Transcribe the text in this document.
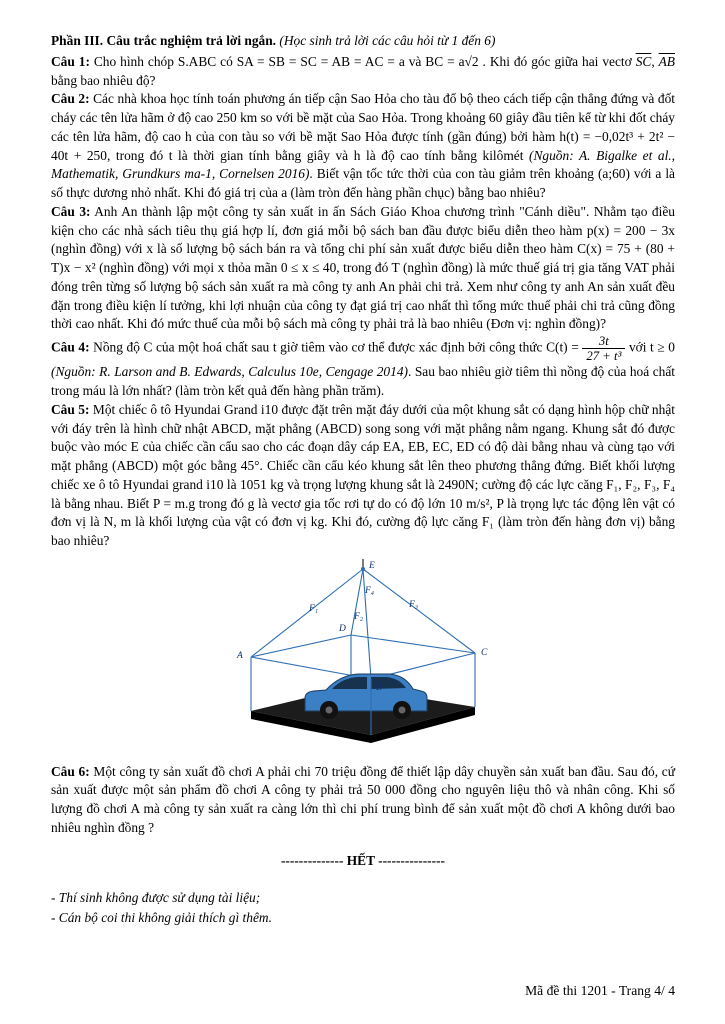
Phần III. Câu trắc nghiệm trả lời ngắn. (Học sinh trả lời các câu hỏi từ 1 đến 6)

Câu 1: Cho hình chóp S.ABC có SA = SB = SC = AB = AC = a và BC = a√2 . Khi đó góc giữa hai vectơ $\overline{SC}$, $\overline{AB}$ bằng bao nhiêu độ?

Câu 2: Các nhà khoa học tính toán phương án tiếp cận Sao Hỏa cho tàu đổ bộ theo cách tiếp cận thẳng đứng và đốt cháy các tên lửa hãm ở độ cao 250 km so với bề mặt của Sao Hỏa. Trong khoảng 60 giây đầu tiên kể từ khi đốt cháy các tên lửa hãm, độ cao h của con tàu so với bề mặt Sao Hỏa được tính (gần đúng) bởi hàm h(t) = −0,02t³ + 2t² − 40t + 250, trong đó t là thời gian tính bằng giây và h là độ cao tính bằng kilômét (Nguồn: A. Bigalke et al., Mathematik, Grundkurs ma-1, Cornelsen 2016). Biết vận tốc tức thời của con tàu giảm trên khoảng (a;60) với a là số thực dương nhỏ nhất. Khi đó giá trị của a (làm tròn đến hàng phần chục) bằng bao nhiêu?

Câu 3: Anh An thành lập một công ty sản xuất in ấn Sách Giáo Khoa chương trình "Cánh diều". Nhằm tạo điều kiện cho các nhà sách tiêu thụ giá hợp lí, đơn giá mỗi bộ sách ban đầu được biểu diễn theo hàm p(x) = 200 − 3x (nghìn đồng) với x là số lượng bộ sách bán ra và tổng chi phí sản xuất được biểu diễn theo hàm C(x) = 75 + (80 + T)x − x² (nghìn đồng) với mọi x thỏa mãn 0 ≤ x ≤ 40, trong đó T (nghìn đồng) là mức thuế giá trị gia tăng VAT phải đóng trên từng số lượng bộ sách sản xuất ra mà công ty anh An phải chi trả. Xem như công ty anh An sản xuất đều đặn trong điều kiện lí tưởng, khi lợi nhuận của công ty đạt giá trị cao nhất thì tổng mức thuế phải chi trả cũng đồng thời cao nhất. Khi đó mức thuế của mỗi bộ sách mà công ty phải trả là bao nhiêu (Đơn vị: nghìn đồng)?

Câu 4: Nồng độ C của một hoá chất sau t giờ tiêm vào cơ thể được xác định bởi công thức $C(t) = \frac{3t}{\text{27 + t³}}$ với t ≥ 0 (Nguồn: R. Larson and B. Edwards, Calculus 10e, Cengage 2014). Sau bao nhiêu giờ tiêm thì nồng độ của hoá chất trong máu là lớn nhất? (làm tròn kết quả đến hàng phần trăm).

Câu 5: Một chiếc ô tô Hyundai Grand i10 được đặt trên mặt đáy dưới của một khung sắt có dạng hình hộp chữ nhật với đáy trên là hình chữ nhật ABCD, mặt phẳng (ABCD) song song với mặt phẳng nằm ngang. Khung sắt đó được buộc vào móc E của chiếc cần cẩu sao cho các đoạn dây cáp EA, EB, EC, ED có độ dài bằng nhau và cùng tạo với mặt phẳng (ABCD) một góc bằng 45°. Chiếc cần cẩu kéo khung sắt lên theo phương thẳng đứng. Biết khối lượng chiếc xe ô tô Hyundai grand i10 là 1051 kg và trọng lượng khung sắt là 2490N; cường độ các lực căng F₁, F₂, F₃, F₄ là bằng nhau. Biết P = m.g trong đó g là vectơ gia tốc rơi tự do có độ lớn 10 m/s², P là trọng lực tác động lên vật có đơn vị là N, m là khối lượng của vật có đơn vị kg. Khi đó, cường độ lực căng F₁ (làm tròn đến hàng đơn vị) bằng bao nhiêu?

E
F₁
F₂
F₃
F₄
A
B
C
D

Câu 6: Một công ty sản xuất đồ chơi A phải chi 70 triệu đồng để thiết lập dây chuyền sản xuất ban đầu. Sau đó, cứ sản xuất được một sản phẩm đồ chơi A công ty phải trả 50 000 đồng cho nguyên liệu thô và nhân công. Khi số lượng đồ chơi A mà công ty sản xuất ra càng lớn thì chi phí trung bình để sản xuất một đồ chơi A không dưới bao nhiêu nghìn đồng ?

-------------- HẾT ---------------
- Thí sinh không được sử dụng tài liệu;
- Cán bộ coi thi không giải thích gì thêm.
Mã đề thi 1201 - Trang 4/ 4
